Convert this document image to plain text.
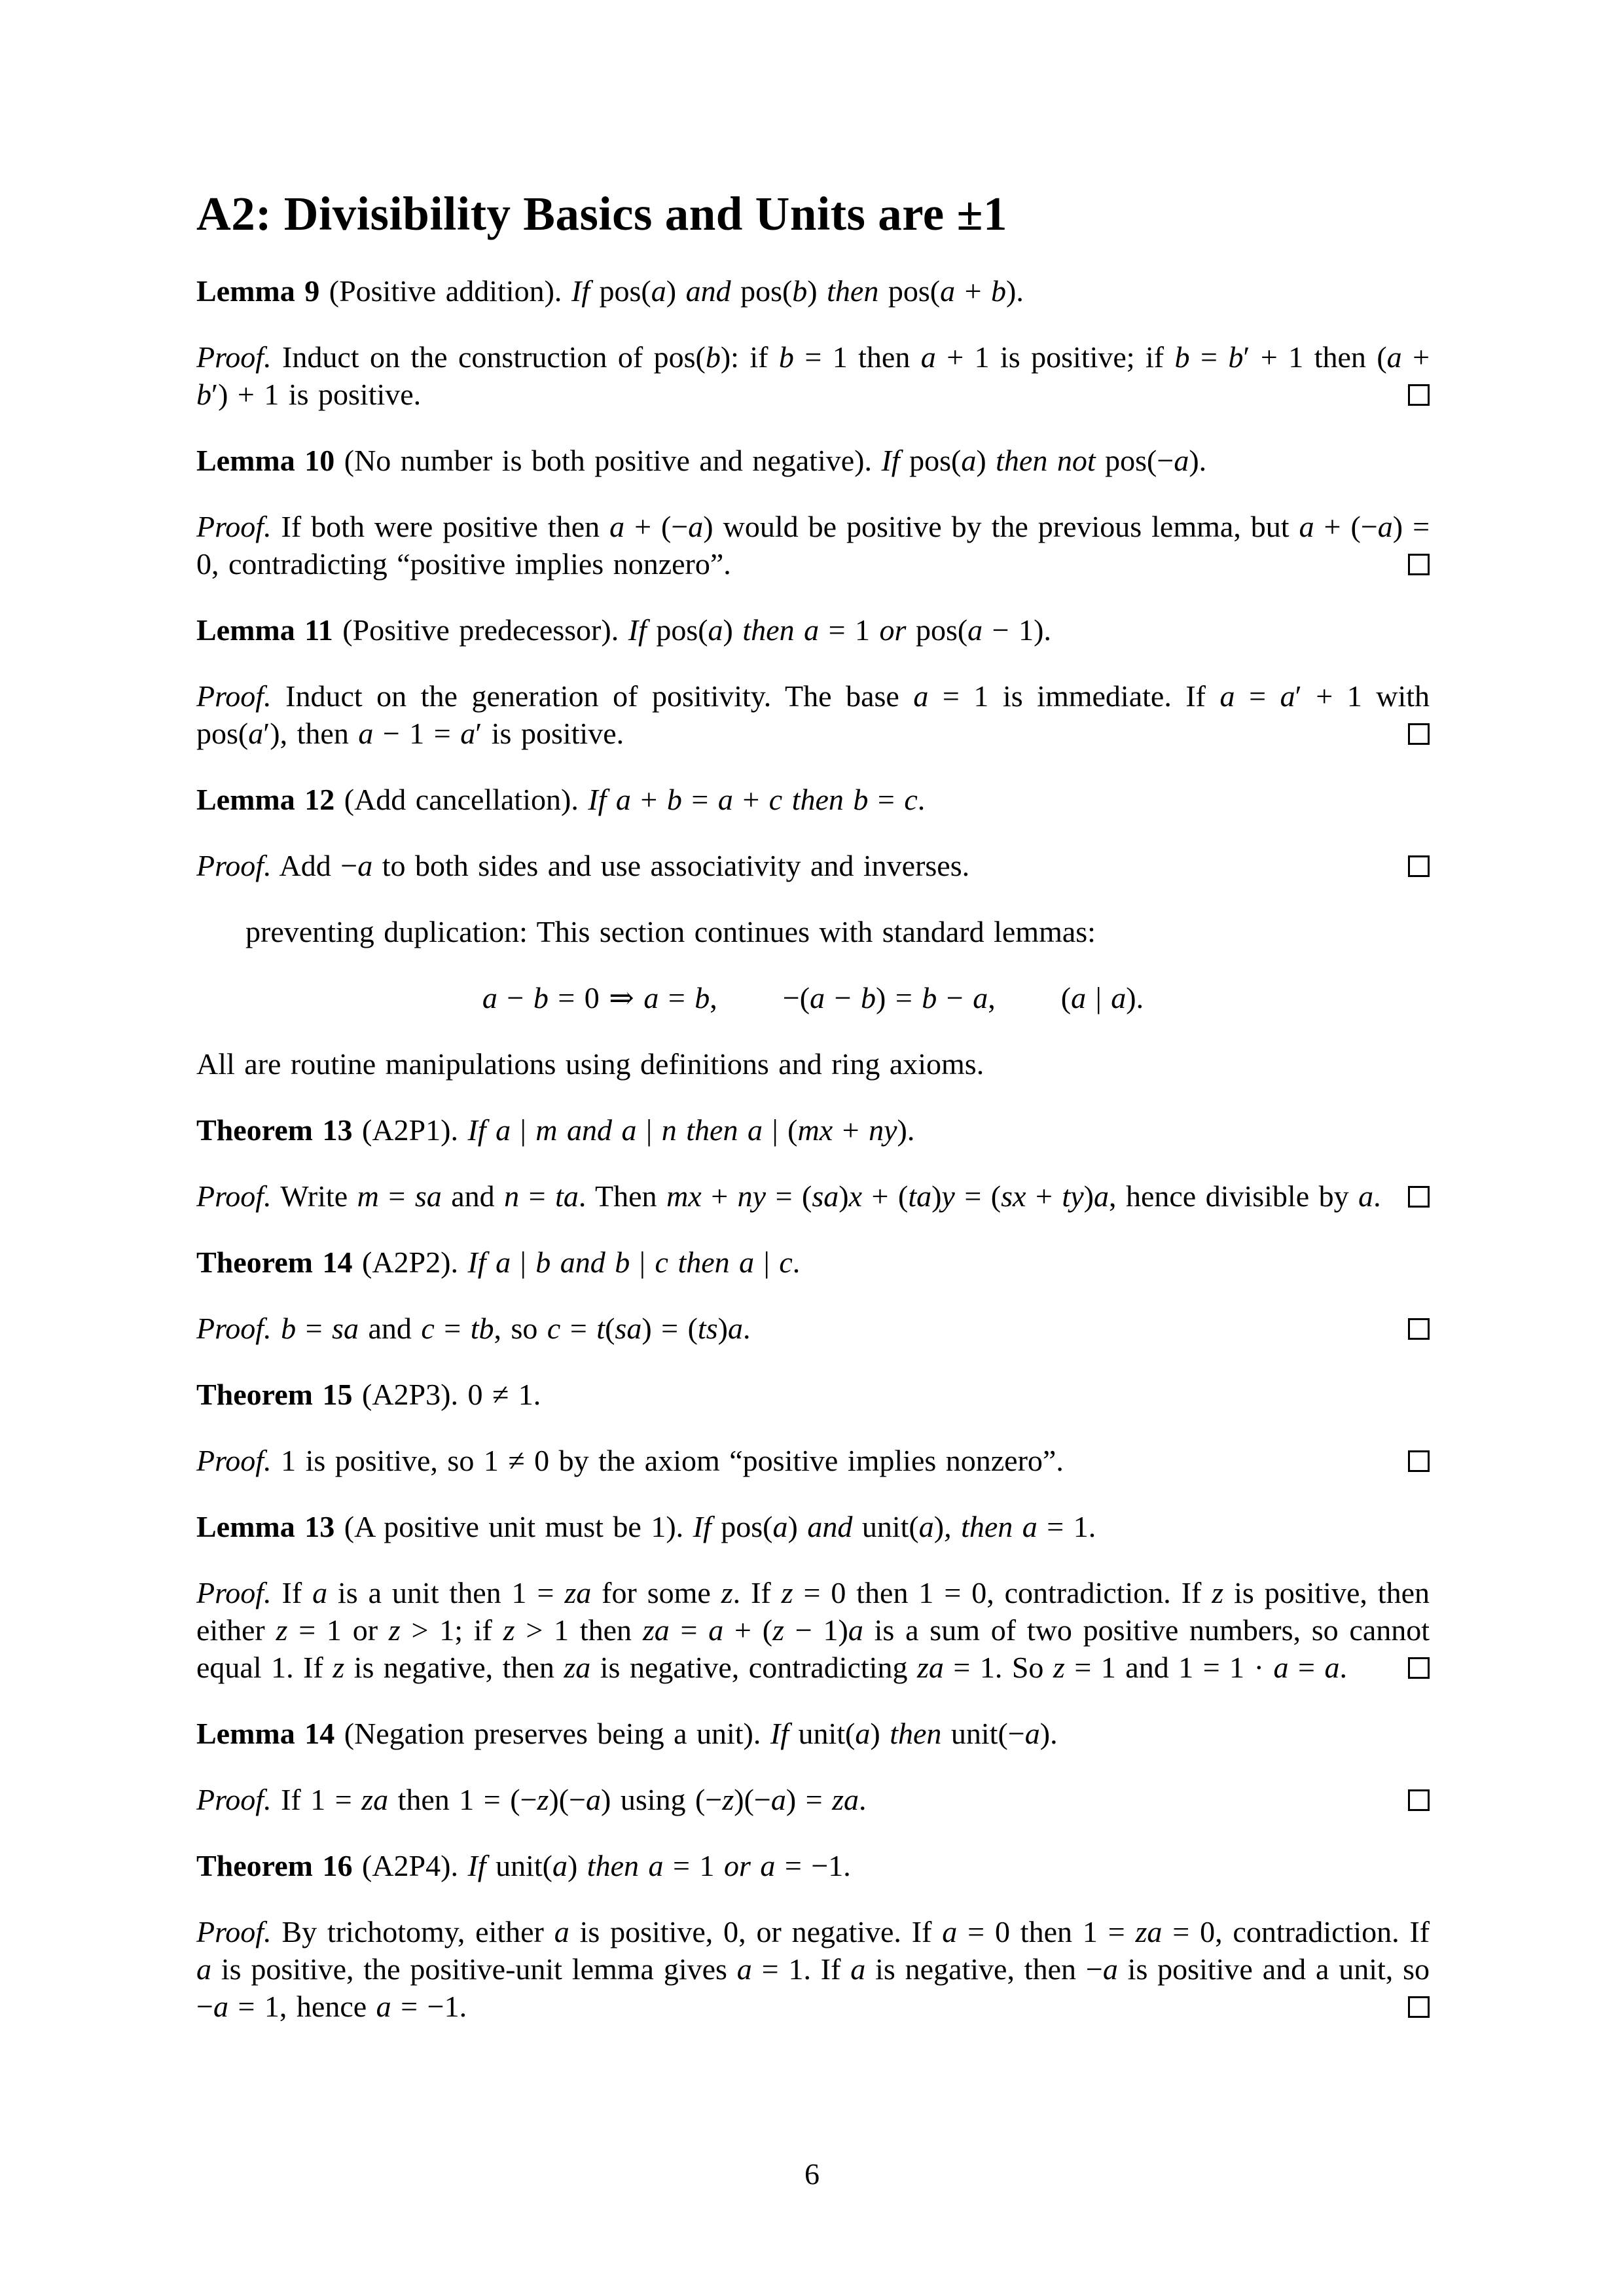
A2: Divisibility Basics and Units are ±1

Lemma 9 (Positive addition). If pos(a) and pos(b) then pos(a + b).

Proof. Induct on the construction of pos(b): if b = 1 then a + 1 is positive; if b = b′ + 1 then (a + b′) + 1 is positive.

Lemma 10 (No number is both positive and negative). If pos(a) then not pos(−a).

Proof. If both were positive then a + (−a) would be positive by the previous lemma, but a + (−a) = 0, contradicting “positive implies nonzero”.

Lemma 11 (Positive predecessor). If pos(a) then a = 1 or pos(a − 1).

Proof. Induct on the generation of positivity. The base a = 1 is immediate. If a = a′ + 1 with pos(a′), then a − 1 = a′ is positive.

Lemma 12 (Add cancellation). If a + b = a + c then b = c.

Proof. Add −a to both sides and use associativity and inverses.

preventing duplication: This section continues with standard lemmas:

a − b = 0 ⇒ a = b, −(a − b) = b − a, (a | a).

All are routine manipulations using definitions and ring axioms.

Theorem 13 (A2P1). If a | m and a | n then a | (mx + ny).

Proof. Write m = sa and n = ta. Then mx + ny = (sa)x + (ta)y = (sx + ty)a, hence divisible by a.

Theorem 14 (A2P2). If a | b and b | c then a | c.

Proof. b = sa and c = tb, so c = t(sa) = (ts)a.

Theorem 15 (A2P3). 0 ≠ 1.

Proof. 1 is positive, so 1 ≠ 0 by the axiom “positive implies nonzero”.

Lemma 13 (A positive unit must be 1). If pos(a) and unit(a), then a = 1.

Proof. If a is a unit then 1 = za for some z. If z = 0 then 1 = 0, contradiction. If z is positive, then either z = 1 or z > 1; if z > 1 then za = a + (z − 1)a is a sum of two positive numbers, so cannot equal 1. If z is negative, then za is negative, contradicting za = 1. So z = 1 and 1 = 1 · a = a.

Lemma 14 (Negation preserves being a unit). If unit(a) then unit(−a).

Proof. If 1 = za then 1 = (−z)(−a) using (−z)(−a) = za.

Theorem 16 (A2P4). If unit(a) then a = 1 or a = −1.

Proof. By trichotomy, either a is positive, 0, or negative. If a = 0 then 1 = za = 0, contradiction. If a is positive, the positive-unit lemma gives a = 1. If a is negative, then −a is positive and a unit, so −a = 1, hence a = −1.

6
